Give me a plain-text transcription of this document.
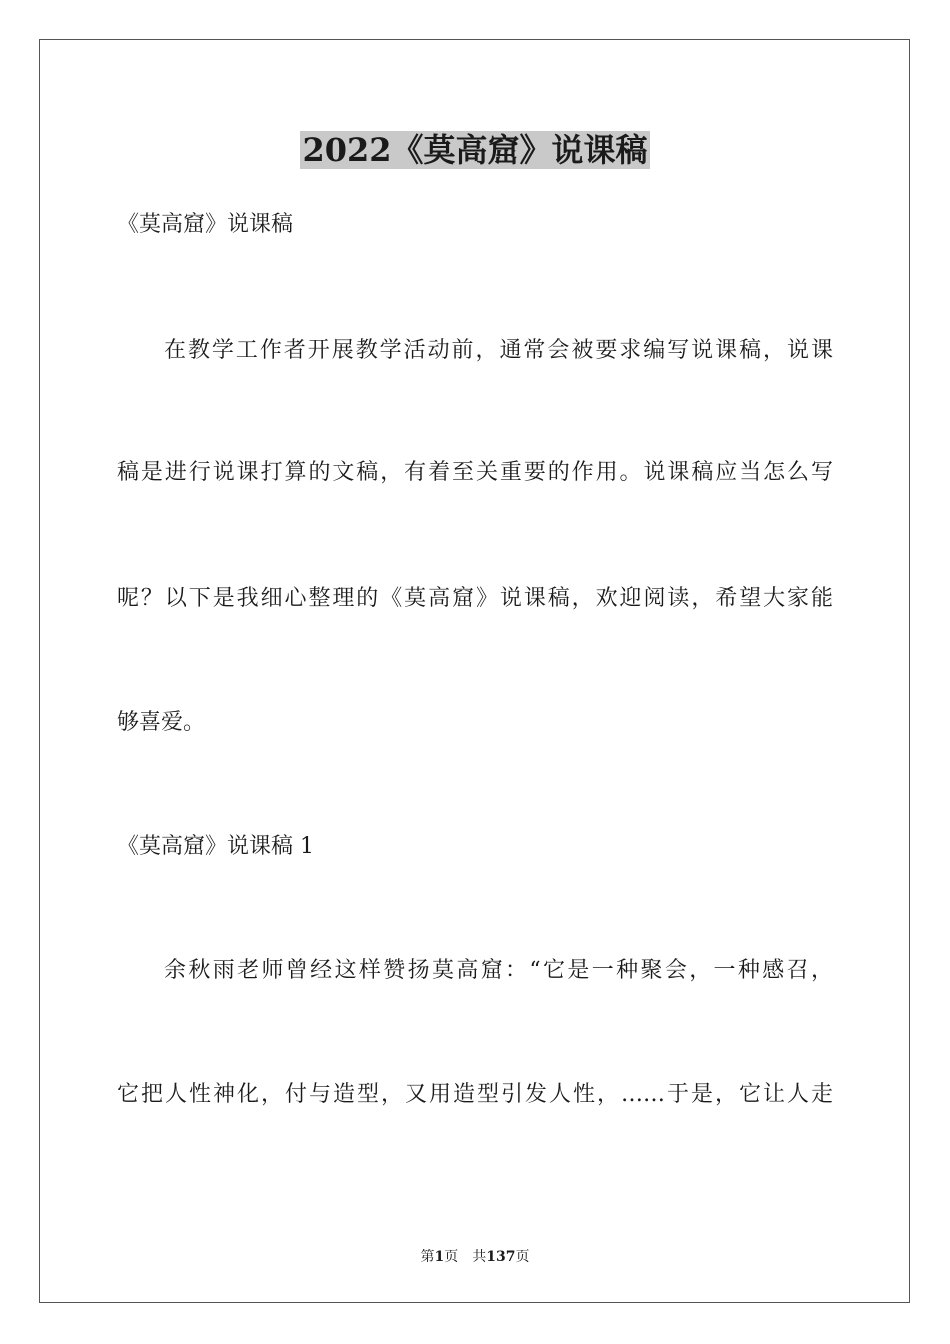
2022《莫高窟》说课稿
《莫高窟》说课稿
在教学工作者开展教学活动前，通常会被要求编写说课稿，说课
稿是进行说课打算的文稿，有着至关重要的作用。说课稿应当怎么写
呢？以下是我细心整理的《莫高窟》说课稿，欢迎阅读，希望大家能
够喜爱。
《莫高窟》说课稿 1
余秋雨老师曾经这样赞扬莫高窟：“它是一种聚会，一种感召，
它把人性神化，付与造型，又用造型引发人性，……于是，它让人走
第1页 共137页
